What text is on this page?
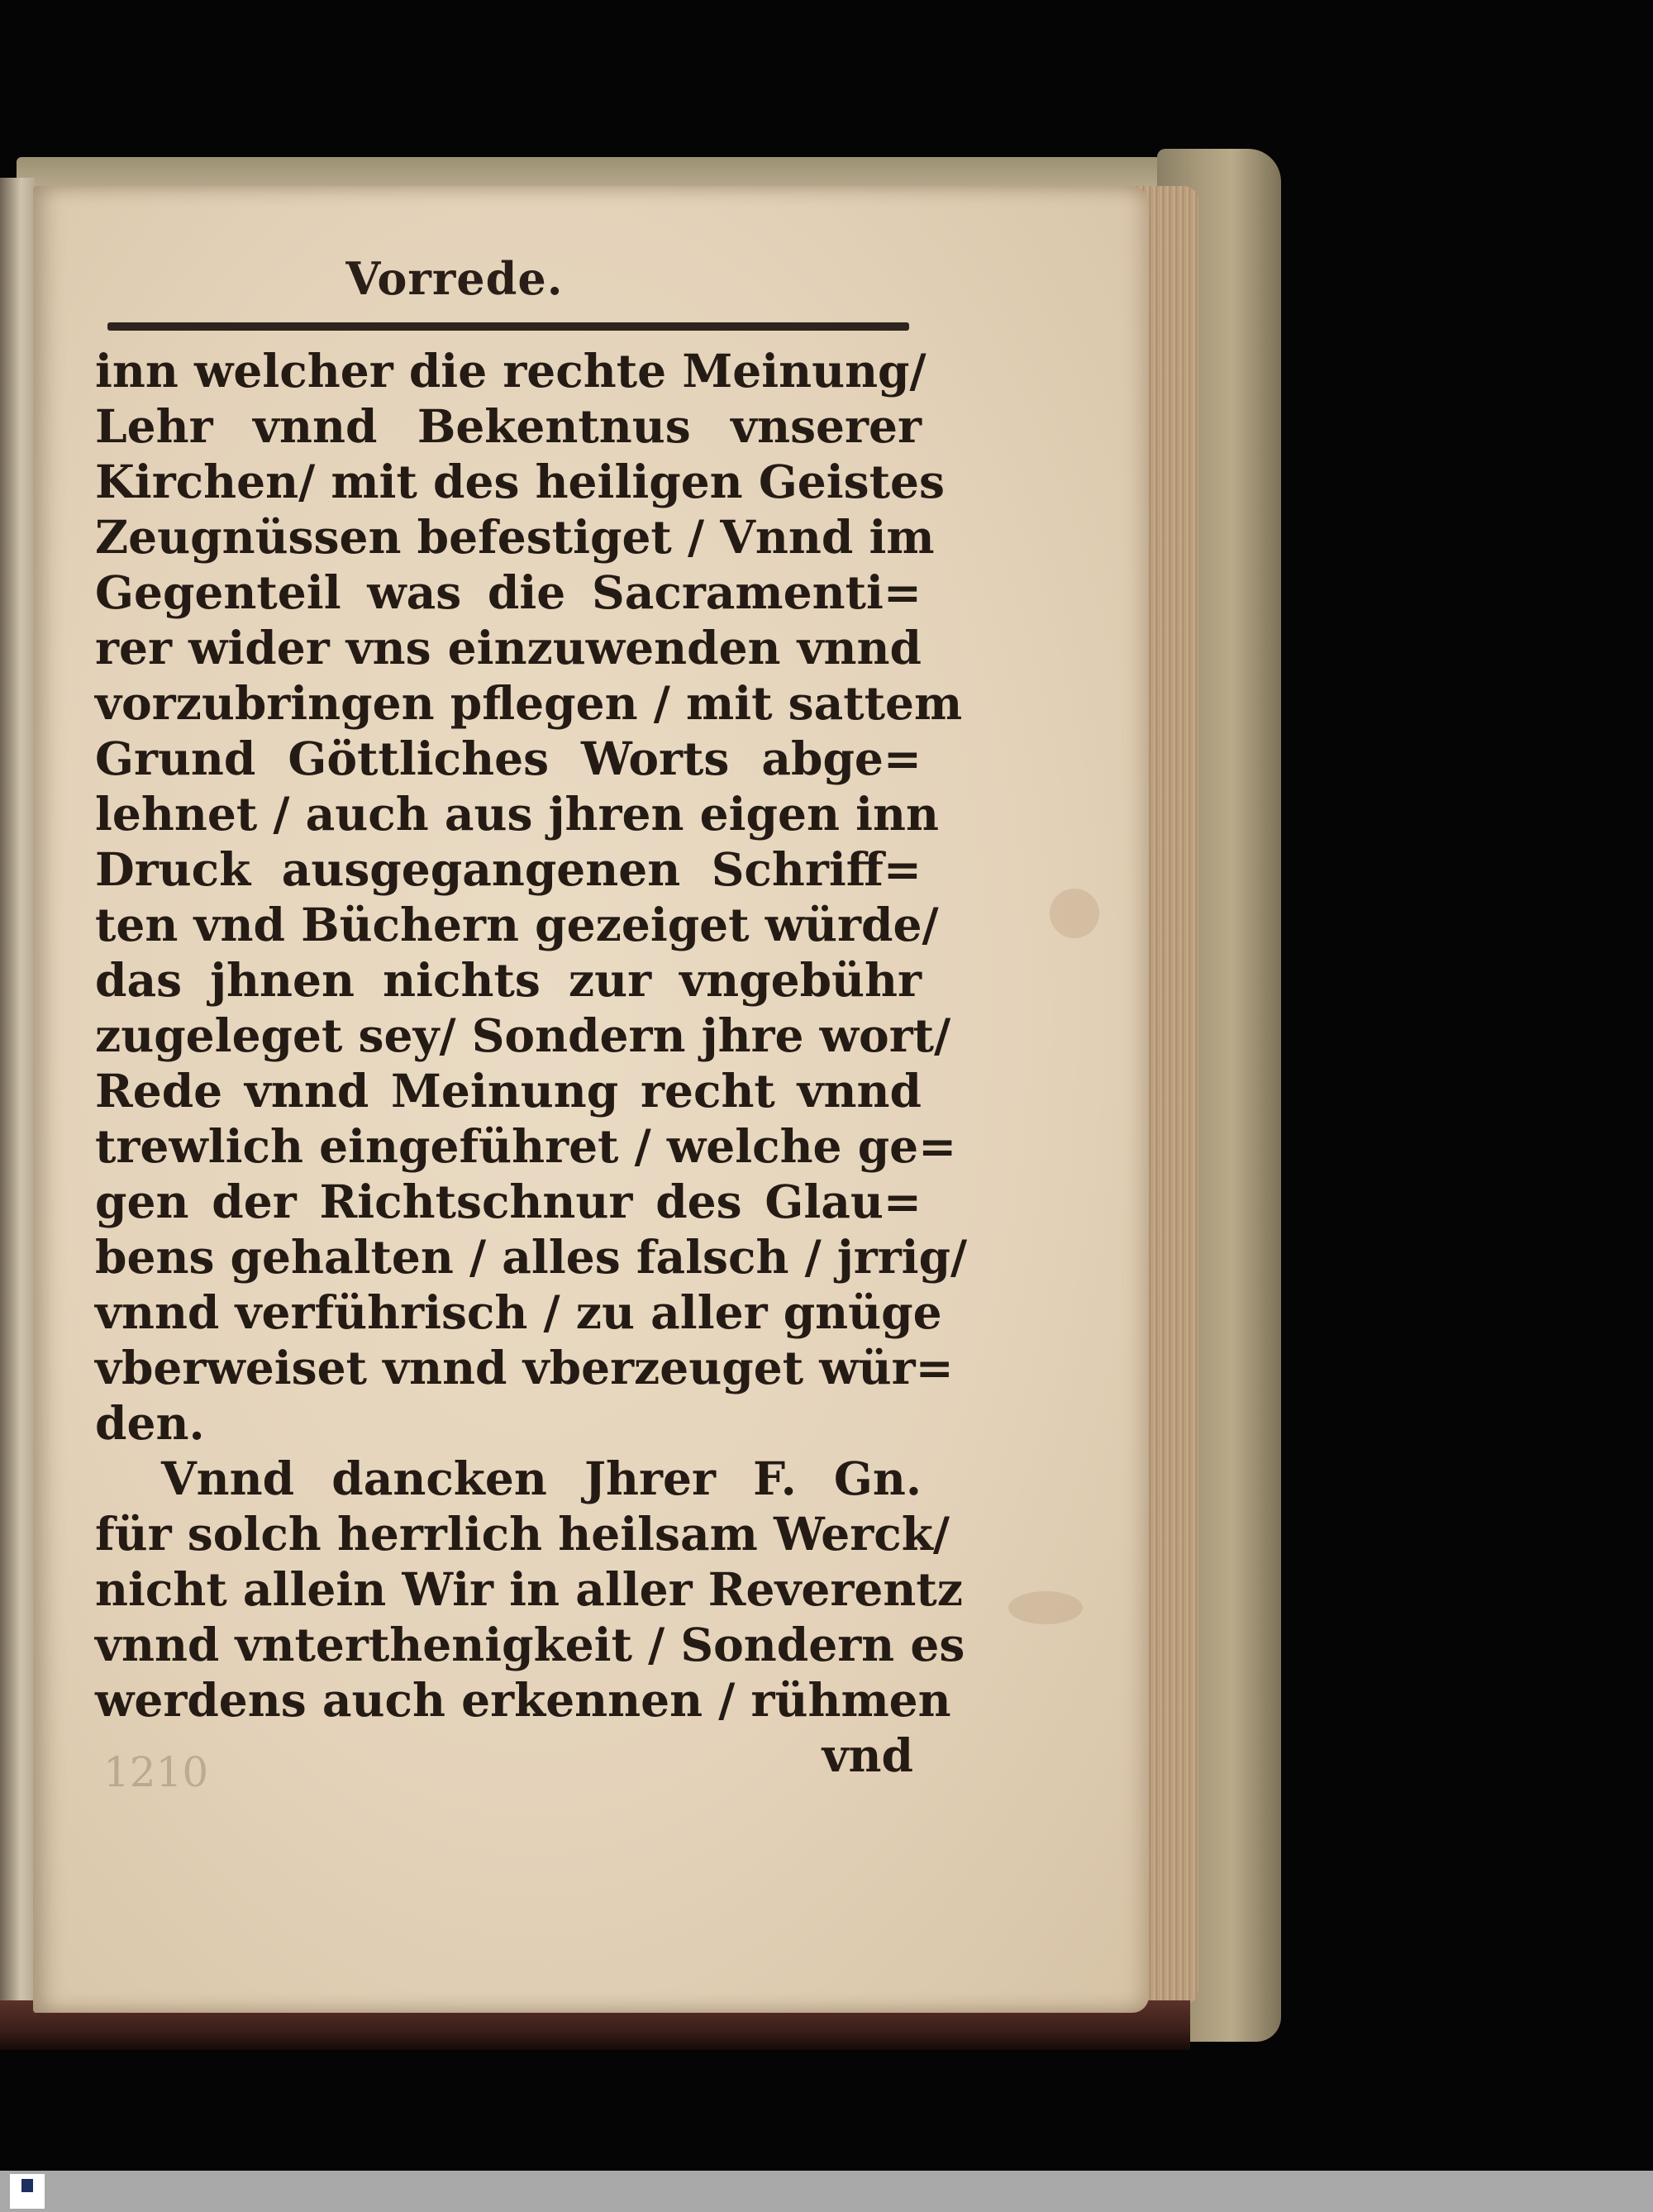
Vorrede.
inn welcher die rechte Meinung/
Lehr vnnd Bekentnus vnserer
Kirchen/ mit des heiligen Geistes
Zeugnüssen befestiget / Vnnd im
Gegenteil was die Sacramenti=
rer wider vns einzuwenden vnnd
vorzubringen pflegen / mit sattem
Grund Göttliches Worts abge=
lehnet / auch aus jhren eigen inn
Druck ausgegangenen Schriff=
ten vnd Büchern gezeiget würde/
das jhnen nichts zur vngebühr
zugeleget sey/ Sondern jhre wort/
Rede vnnd Meinung recht vnnd
trewlich eingeführet / welche ge=
gen der Richtschnur des Glau=
bens gehalten / alles falsch / jrrig/
vnnd verführisch / zu aller gnüge
vberweiset vnnd vberzeuget wür=
den.
Vnnd dancken Jhrer F. Gn.
für solch herrlich heilsam Werck/
nicht allein Wir in aller Reverentz
vnnd vnterthenigkeit / Sondern es
werdens auch erkennen / rühmen
vnd
1210
